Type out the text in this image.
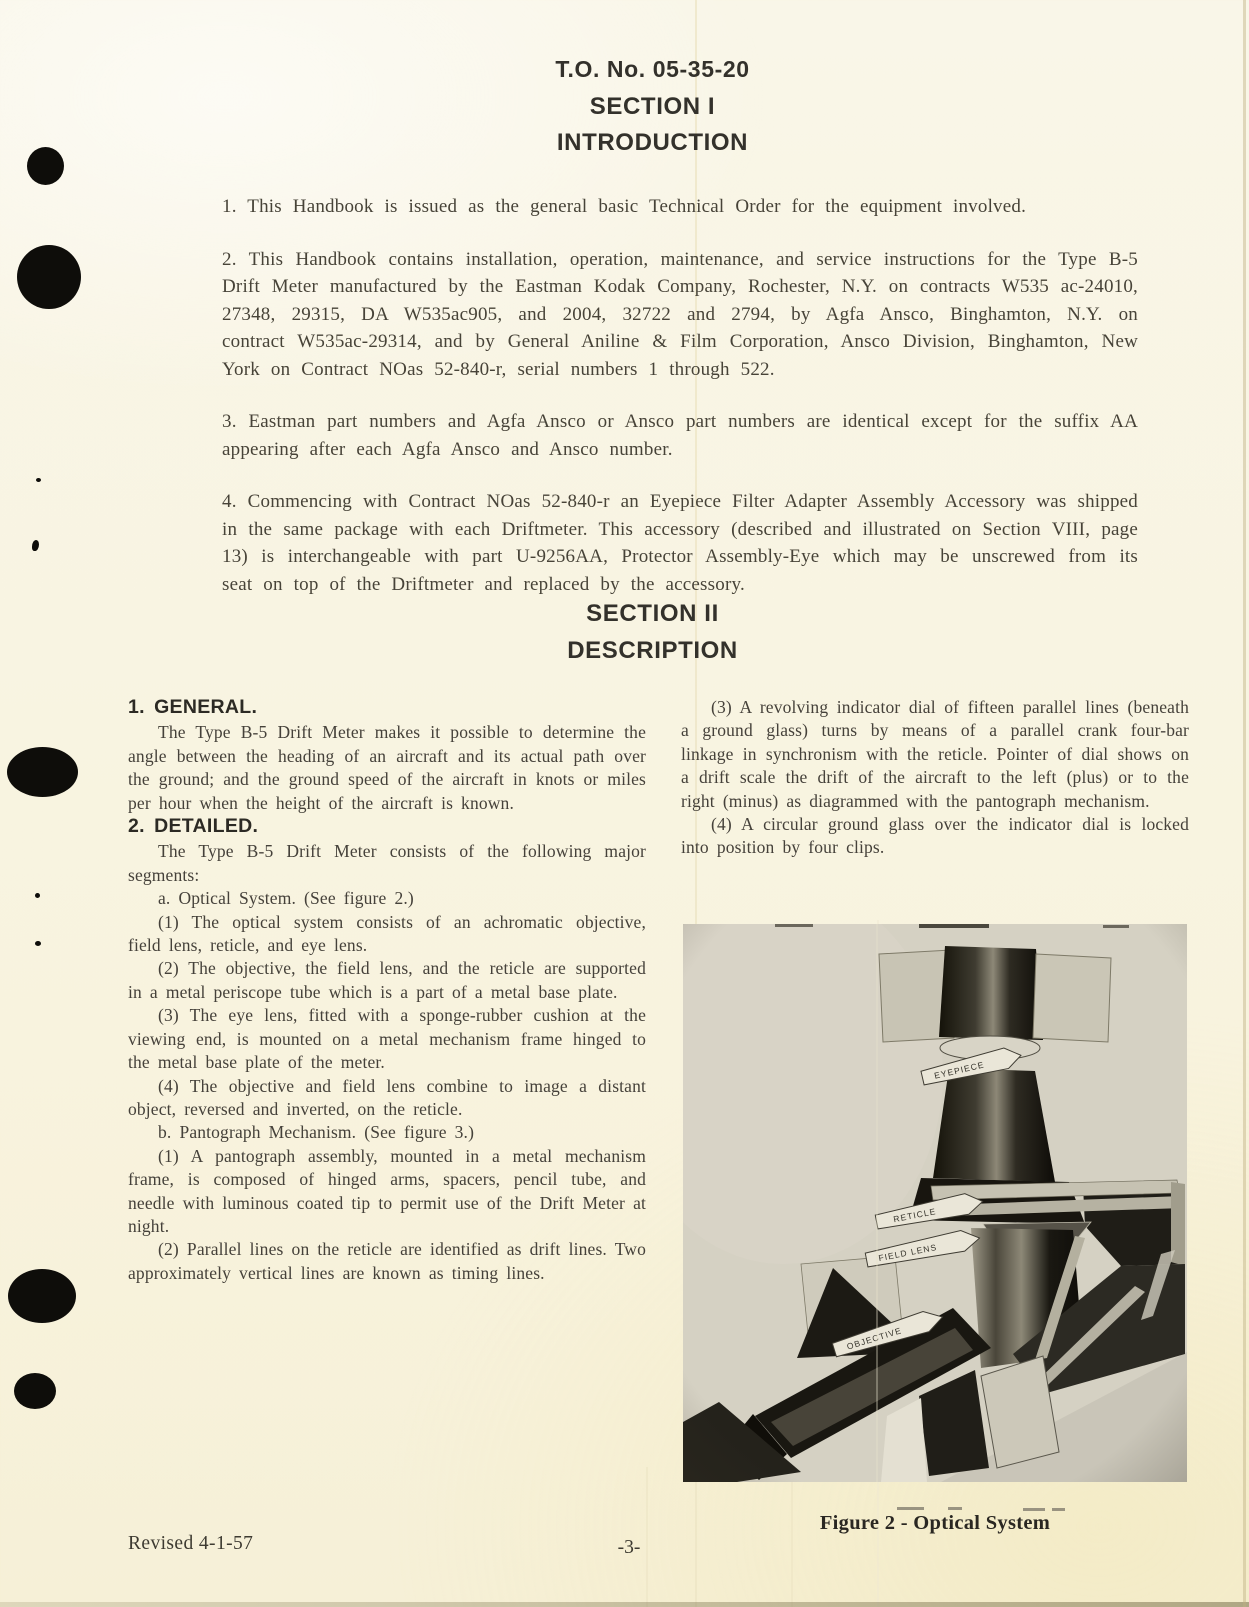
T.O. No. 05-35-20
SECTION I
INTRODUCTION

1. This Handbook is issued as the general basic Technical Order for the equipment involved.

2. This Handbook contains installation, operation, maintenance, and service instructions for the Type B-5 Drift Meter manufactured by the Eastman Kodak Company, Rochester, N.Y. on contracts W535 ac-24010, 27348, 29315, DA W535ac905, and 2004, 32722 and 2794, by Agfa Ansco, Binghamton, N.Y. on contract W535ac-29314, and by General Aniline & Film Corporation, Ansco Division, Binghamton, New York on Contract NOas 52-840-r, serial numbers 1 through 522.

3. Eastman part numbers and Agfa Ansco or Ansco part numbers are identical except for the suffix AA appearing after each Agfa Ansco and Ansco number.

4. Commencing with Contract NOas 52-840-r an Eyepiece Filter Adapter Assembly Accessory was shipped in the same package with each Driftmeter. This accessory (described and illustrated on Section VIII, page 13) is interchangeable with part U-9256AA, Protector Assembly-Eye which may be unscrewed from its seat on top of the Driftmeter and replaced by the accessory.

SECTION II
DESCRIPTION
1. GENERAL.

The Type B-5 Drift Meter makes it possible to determine the angle between the heading of an aircraft and its actual path over the ground; and the ground speed of the aircraft in knots or miles per hour when the height of the aircraft is known.

2. DETAILED.

The Type B-5 Drift Meter consists of the following major segments:

a. Optical System. (See figure 2.)

(1) The optical system consists of an achromatic objective, field lens, reticle, and eye lens.

(2) The objective, the field lens, and the reticle are supported in a metal periscope tube which is a part of a metal base plate.

(3) The eye lens, fitted with a sponge-rubber cushion at the viewing end, is mounted on a metal mechanism frame hinged to the metal base plate of the meter.

(4) The objective and field lens combine to image a distant object, reversed and inverted, on the reticle.

b. Pantograph Mechanism. (See figure 3.)

(1) A pantograph assembly, mounted in a metal mechanism frame, is composed of hinged arms, spacers, pencil tube, and needle with luminous coated tip to permit use of the Drift Meter at night.

(2) Parallel lines on the reticle are identified as drift lines. Two approximately vertical lines are known as timing lines.

(3) A revolving indicator dial of fifteen parallel lines (beneath a ground glass) turns by means of a parallel crank four-bar linkage in synchronism with the reticle. Pointer of dial shows on a drift scale the drift of the aircraft to the left (plus) or to the right (minus) as diagrammed with the pantograph mechanism.

(4) A circular ground glass over the indicator dial is locked into position by four clips.

Figure 2 - Optical System
Revised 4-1-57	-3-
